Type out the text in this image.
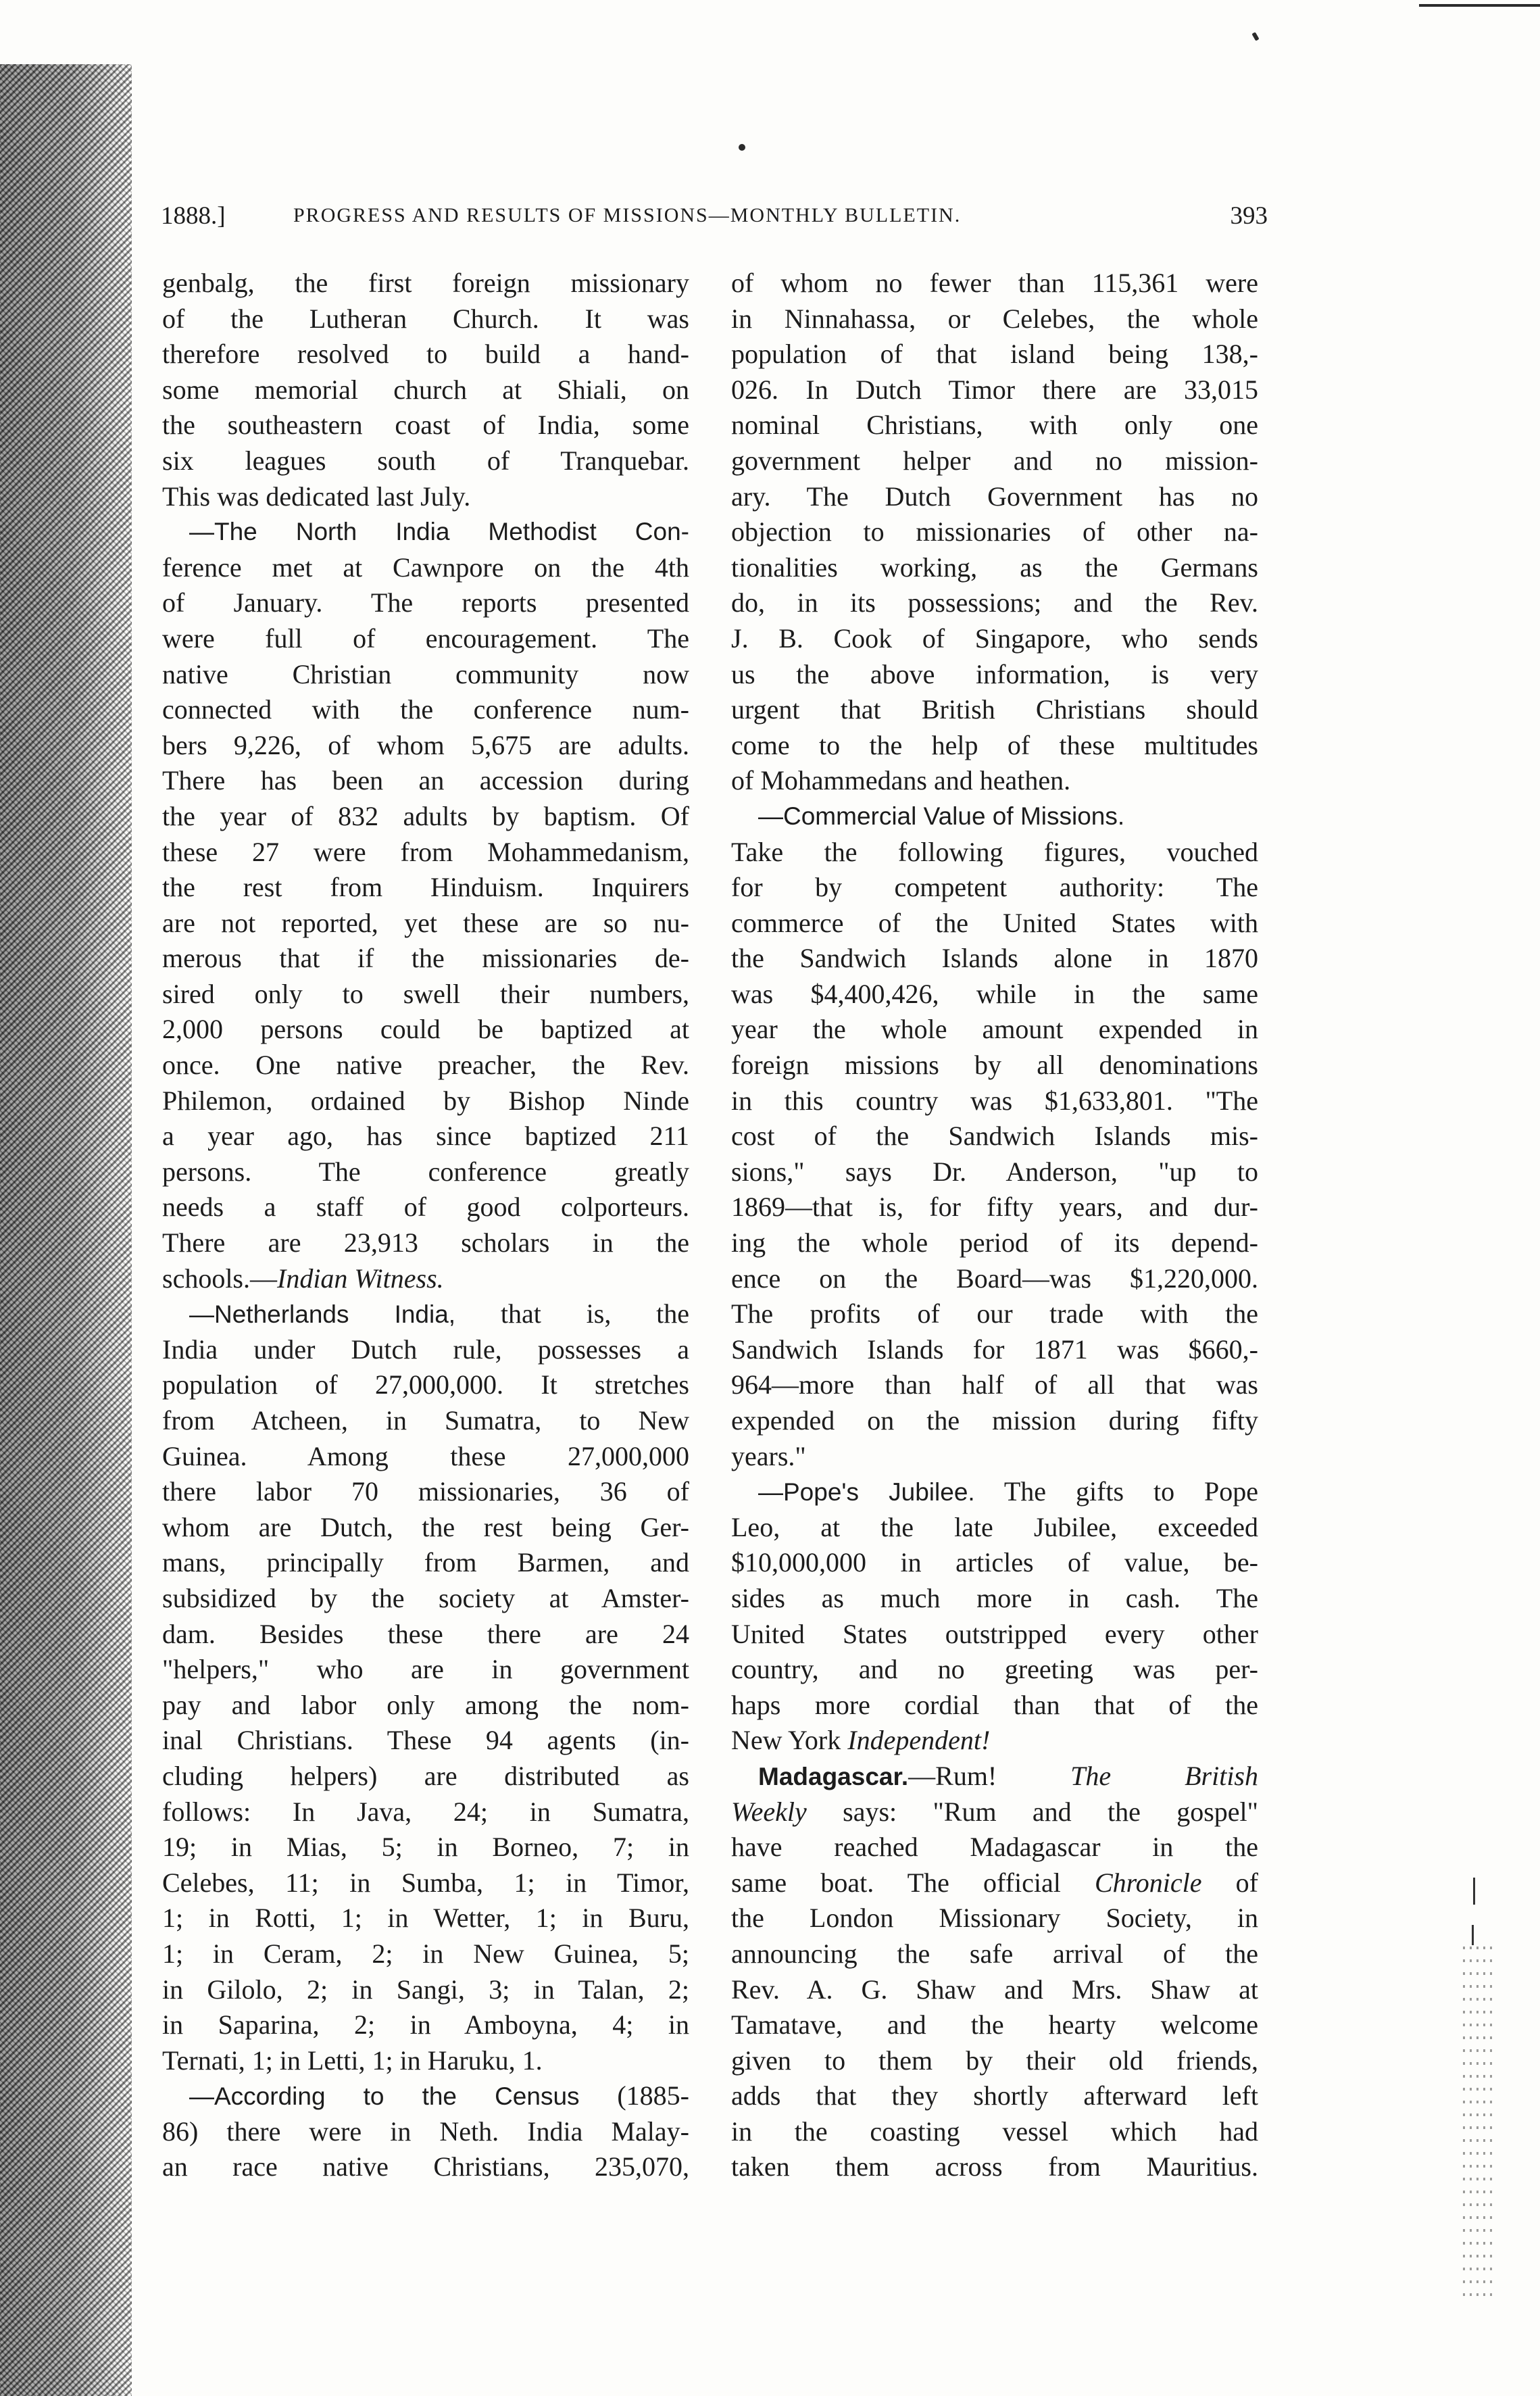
1888.]	PROGRESS AND RESULTS OF MISSIONS—MONTHLY BULLETIN.	393
genbalg, the first foreign missionary
of the Lutheran Church. It was
therefore resolved to build a hand-
some memorial church at Shiali, on
the southeastern coast of India, some
six leagues south of Tranquebar.
This was dedicated last July.
—The North India Methodist Con-
ference met at Cawnpore on the 4th
of January. The reports presented
were full of encouragement. The
native Christian community now
connected with the conference num-
bers 9,226, of whom 5,675 are adults.
There has been an accession during
the year of 832 adults by baptism. Of
these 27 were from Mohammedanism,
the rest from Hinduism. Inquirers
are not reported, yet these are so nu-
merous that if the missionaries de-
sired only to swell their numbers,
2,000 persons could be baptized at
once. One native preacher, the Rev.
Philemon, ordained by Bishop Ninde
a year ago, has since baptized 211
persons. The conference greatly
needs a staff of good colporteurs.
There are 23,913 scholars in the
schools.—Indian Witness.
—Netherlands India, that is, the
India under Dutch rule, possesses a
population of 27,000,000. It stretches
from Atcheen, in Sumatra, to New
Guinea. Among these 27,000,000
there labor 70 missionaries, 36 of
whom are Dutch, the rest being Ger-
mans, principally from Barmen, and
subsidized by the society at Amster-
dam. Besides these there are 24
"helpers," who are in government
pay and labor only among the nom-
inal Christians. These 94 agents (in-
cluding helpers) are distributed as
follows: In Java, 24; in Sumatra,
19; in Mias, 5; in Borneo, 7; in
Celebes, 11; in Sumba, 1; in Timor,
1; in Rotti, 1; in Wetter, 1; in Buru,
1; in Ceram, 2; in New Guinea, 5;
in Gilolo, 2; in Sangi, 3; in Talan, 2;
in Saparina, 2; in Amboyna, 4; in
Ternati, 1; in Letti, 1; in Haruku, 1.
—According to the Census (1885-
86) there were in Neth. India Malay-
an race native Christians, 235,070,
of whom no fewer than 115,361 were
in Ninnahassa, or Celebes, the whole
population of that island being 138,-
026. In Dutch Timor there are 33,015
nominal Christians, with only one
government helper and no mission-
ary. The Dutch Government has no
objection to missionaries of other na-
tionalities working, as the Germans
do, in its possessions; and the Rev.
J. B. Cook of Singapore, who sends
us the above information, is very
urgent that British Christians should
come to the help of these multitudes
of Mohammedans and heathen.
—Commercial Value of Missions.
Take the following figures, vouched
for by competent authority: The
commerce of the United States with
the Sandwich Islands alone in 1870
was $4,400,426, while in the same
year the whole amount expended in
foreign missions by all denominations
in this country was $1,633,801. "The
cost of the Sandwich Islands mis-
sions," says Dr. Anderson, "up to
1869—that is, for fifty years, and dur-
ing the whole period of its depend-
ence on the Board—was $1,220,000.
The profits of our trade with the
Sandwich Islands for 1871 was $660,-
964—more than half of all that was
expended on the mission during fifty
years."
—Pope's Jubilee. The gifts to Pope
Leo, at the late Jubilee, exceeded
$10,000,000 in articles of value, be-
sides as much more in cash. The
United States outstripped every other
country, and no greeting was per-
haps more cordial than that of the
New York Independent!
Madagascar.—Rum! The British
Weekly says: "Rum and the gospel"
have reached Madagascar in the
same boat. The official Chronicle of
the London Missionary Society, in
announcing the safe arrival of the
Rev. A. G. Shaw and Mrs. Shaw at
Tamatave, and the hearty welcome
given to them by their old friends,
adds that they shortly afterward left
in the coasting vessel which had
taken them across from Mauritius.
